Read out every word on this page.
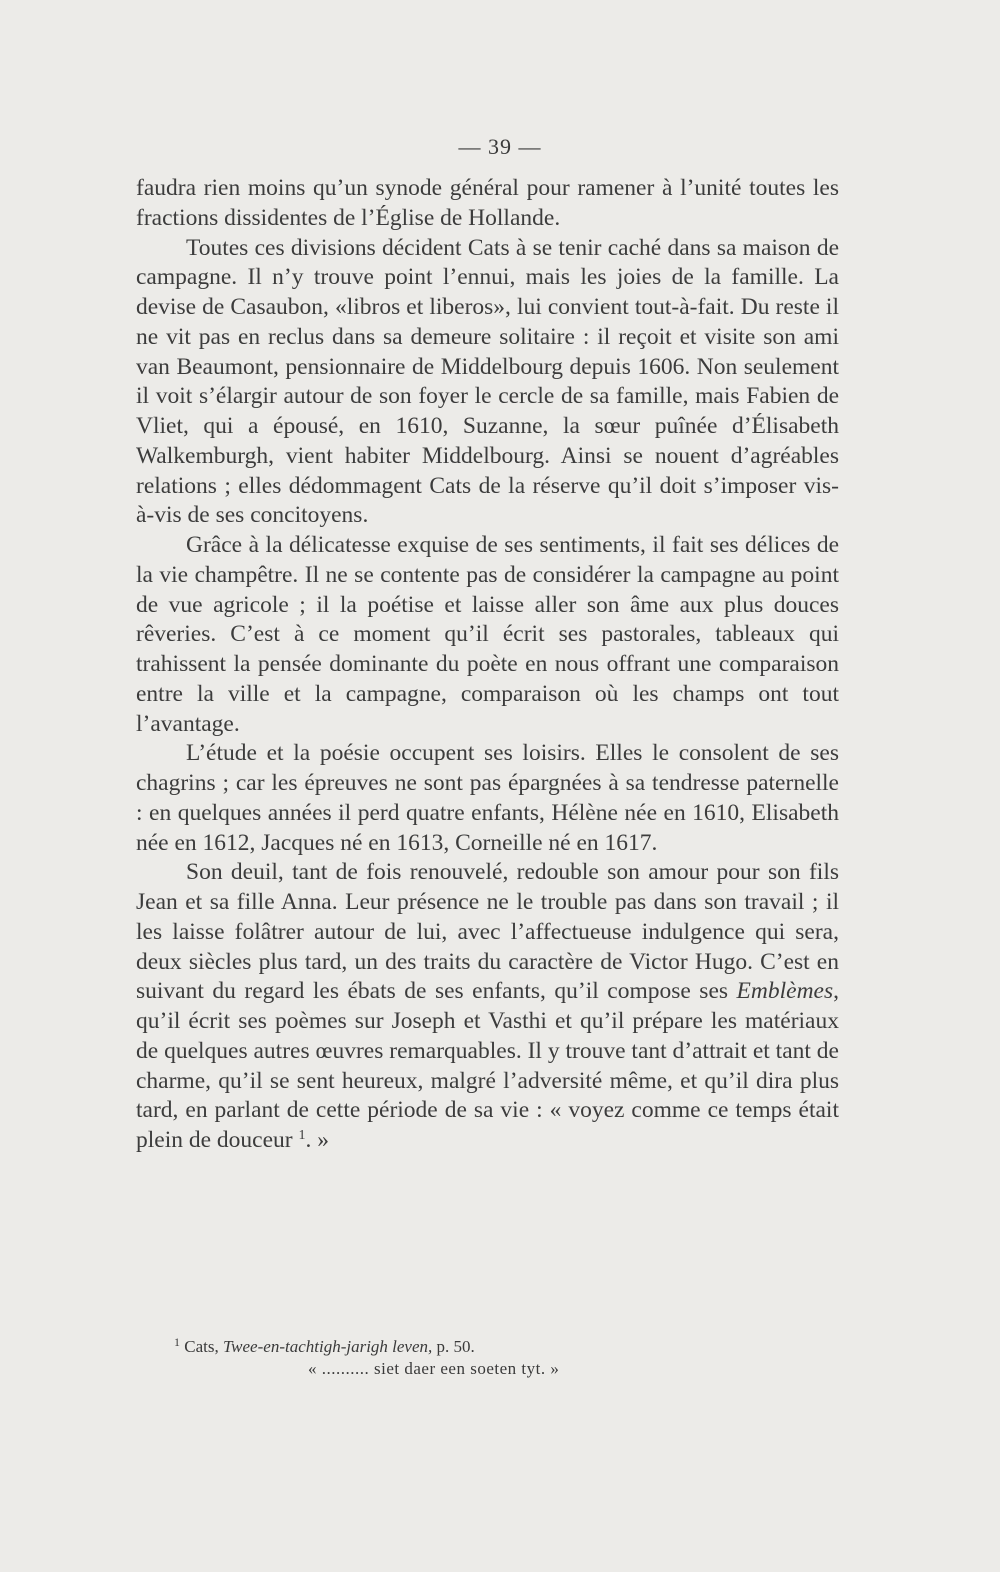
— 39 —

faudra rien moins qu’un synode général pour ramener à l’unité toutes les fractions dissidentes de l’Église de Hollande.

Toutes ces divisions décident Cats à se tenir caché dans sa maison de campagne. Il n’y trouve point l’ennui, mais les joies de la famille. La devise de Casaubon, «libros et liberos», lui convient tout-à-fait. Du reste il ne vit pas en reclus dans sa demeure solitaire : il reçoit et visite son ami van Beaumont, pensionnaire de Middelbourg depuis 1606. Non seulement il voit s’élargir autour de son foyer le cercle de sa famille, mais Fabien de Vliet, qui a épousé, en 1610, Suzanne, la sœur puînée d’Élisabeth Walkemburgh, vient habiter Middelbourg. Ainsi se nouent d’agréables relations ; elles dédommagent Cats de la réserve qu’il doit s’imposer vis-à-vis de ses concitoyens.

Grâce à la délicatesse exquise de ses sentiments, il fait ses délices de la vie champêtre. Il ne se contente pas de considérer la campagne au point de vue agricole ; il la poétise et laisse aller son âme aux plus douces rêveries. C’est à ce moment qu’il écrit ses pastorales, tableaux qui trahissent la pensée dominante du poète en nous offrant une comparaison entre la ville et la campagne, comparaison où les champs ont tout l’avantage.

L’étude et la poésie occupent ses loisirs. Elles le consolent de ses chagrins ; car les épreuves ne sont pas épargnées à sa tendresse paternelle : en quelques années il perd quatre enfants, Hélène née en 1610, Elisabeth née en 1612, Jacques né en 1613, Corneille né en 1617.

Son deuil, tant de fois renouvelé, redouble son amour pour son fils Jean et sa fille Anna. Leur présence ne le trouble pas dans son travail ; il les laisse folâtrer autour de lui, avec l’affectueuse indulgence qui sera, deux siècles plus tard, un des traits du caractère de Victor Hugo. C’est en suivant du regard les ébats de ses enfants, qu’il compose ses Emblèmes, qu’il écrit ses poèmes sur Joseph et Vasthi et qu’il prépare les matériaux de quelques autres œuvres remarquables. Il y trouve tant d’attrait et tant de charme, qu’il se sent heureux, malgré l’adversité même, et qu’il dira plus tard, en parlant de cette période de sa vie : « voyez comme ce temps était plein de douceur $^1$. »

$^1$ Cats, Twee-en-tachtigh-jarigh leven, p. 50.

« .......... siet daer een soeten tyt. »
